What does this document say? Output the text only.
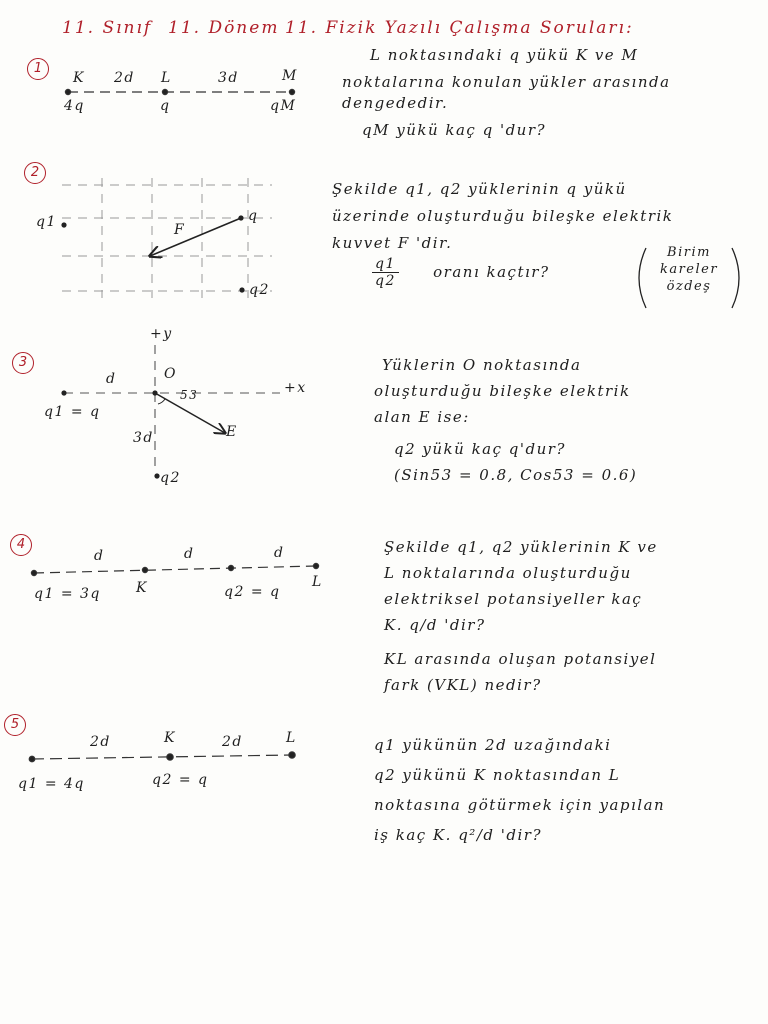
11. Sınıf 11. Dönem 11. Fizik Yazılı Çalışma Soruları:
1
K 2d L	3d	M
4q	q	qM
L noktasındaki q yükü K ve M
noktalarına konulan yükler arasında
dengededir.
qM yükü kaç q 'dur?
2
q1	q
q2
F
Şekilde q1, q2 yüklerinin q yükü
üzerinde oluşturduğu bileşke elektrik
kuvvet F 'dir.
$\frac{q1}{q2}$ oranı kaçtır?
Birim
kareler
özdeş
3
+y
+x
O
d
3d
q1 = q
q2
53
E
Yüklerin O noktasında
oluşturduğu bileşke elektrik
alan E ise:
q2 yükü kaç q'dur?
(Sin53 = 0.8, Cos53 = 0.6)
4
d	d	d
q1 = 3q	K	q2 = q
L
Şekilde q1, q2 yüklerinin K ve
L noktalarında oluşturduğu
elektriksel potansiyeller kaç
K. q/d 'dir?
KL arasında oluşan potansiyel
fark (VKL) nedir?
5
2d	2d
K	L
q1 = 4q	q2 = q
q1 yükünün 2d uzağındaki
q2 yükünü K noktasından L
noktasına götürmek için yapılan
iş kaç K. q²/d 'dir?
